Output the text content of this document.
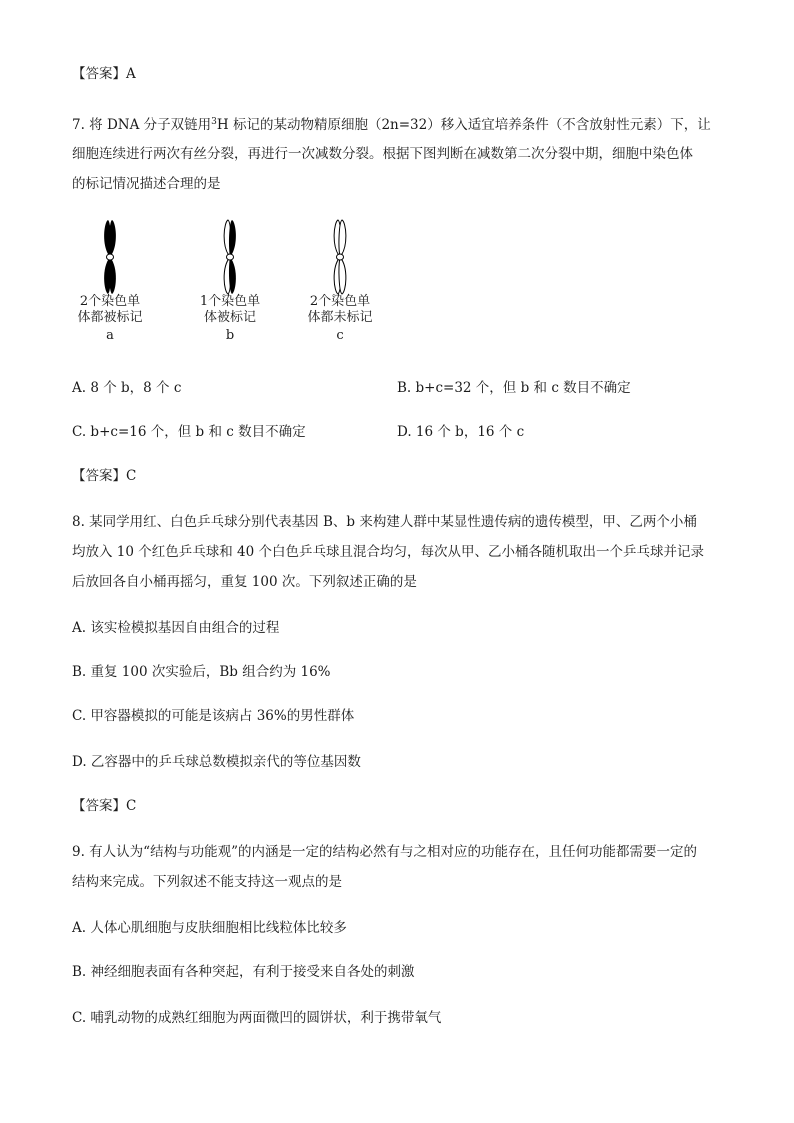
【答案】A
7. 将 DNA 分子双链用$^3$H 标记的某动物精原细胞（2n=32）移入适宜培养条件（不含放射性元素）下，让
细胞连续进行两次有丝分裂，再进行一次减数分裂。根据下图判断在减数第二次分裂中期，细胞中染色体
的标记情况描述合理的是
2个染色单
体都被标记
a
1个染色单
体被标记
b
2个染色单
体都未标记
c
A. 8 个 b，8 个 c	B. b+c=32 个，但 b 和 c 数目不确定
C. b+c=16 个，但 b 和 c 数目不确定	D. 16 个 b，16 个 c
【答案】C
8. 某同学用红、白色乒乓球分别代表基因 B、b 来构建人群中某显性遗传病的遗传模型，甲、乙两个小桶
均放入 10 个红色乒乓球和 40 个白色乒乓球且混合均匀，每次从甲、乙小桶各随机取出一个乒乓球并记录
后放回各自小桶再摇匀，重复 100 次。下列叙述正确的是
A. 该实检模拟基因自由组合的过程
B. 重复 100 次实验后，Bb 组合约为 16%
C. 甲容器模拟的可能是该病占 36%的男性群体
D. 乙容器中的乒乓球总数模拟亲代的等位基因数
【答案】C
9. 有人认为“结构与功能观”的内涵是一定的结构必然有与之相对应的功能存在，且任何功能都需要一定的
结构来完成。下列叙述不能支持这一观点的是
A. 人体心肌细胞与皮肤细胞相比线粒体比较多
B. 神经细胞表面有各种突起，有利于接受来自各处的刺激
C. 哺乳动物的成熟红细胞为两面微凹的圆饼状，利于携带氧气
